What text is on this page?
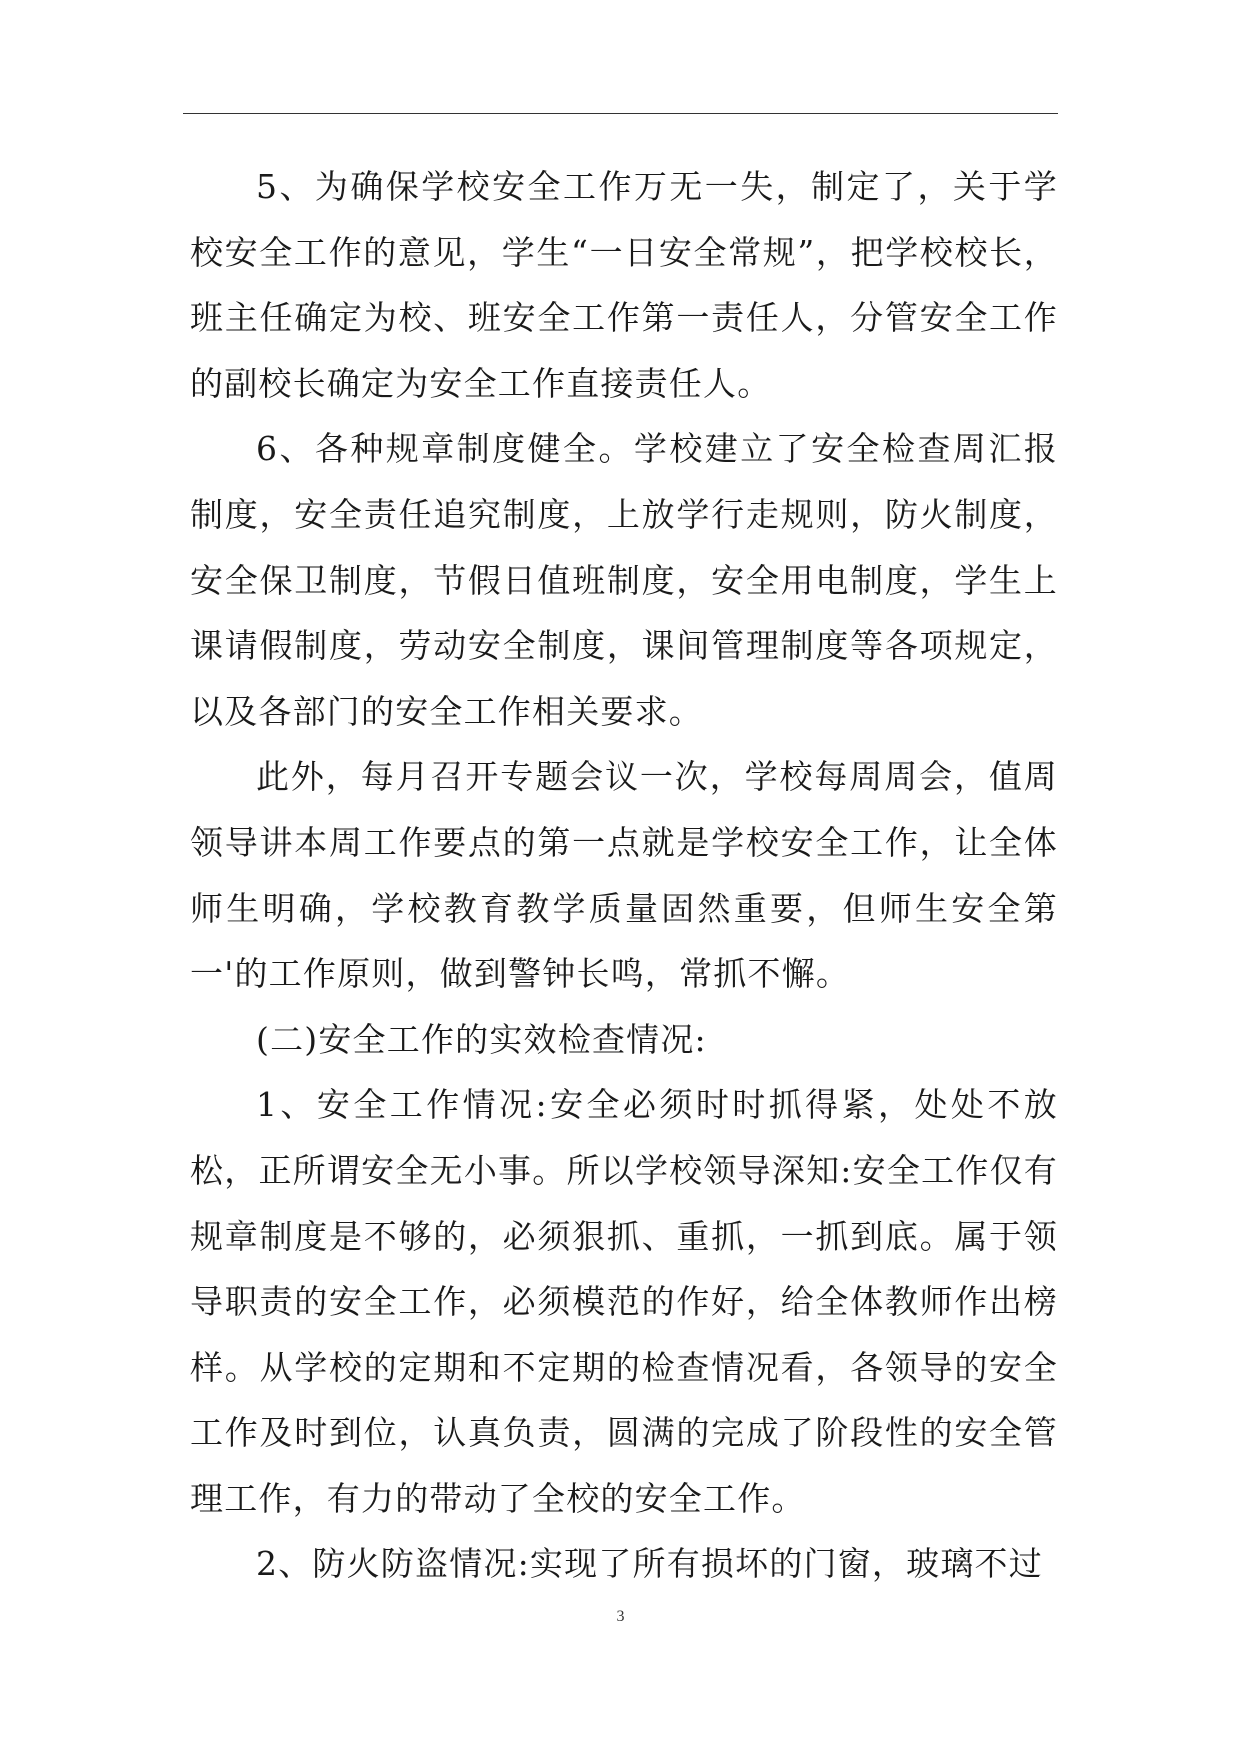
5、为确保学校安全工作万无一失，制定了，关于学校安全工作的意见，学生“一日安全常规”，把学校校长，班主任确定为校、班安全工作第一责任人，分管安全工作的副校长确定为安全工作直接责任人。

6、各种规章制度健全。学校建立了安全检查周汇报制度，安全责任追究制度，上放学行走规则，防火制度，安全保卫制度，节假日值班制度，安全用电制度，学生上课请假制度，劳动安全制度，课间管理制度等各项规定，以及各部门的安全工作相关要求。

此外，每月召开专题会议一次，学校每周周会，值周领导讲本周工作要点的第一点就是学校安全工作，让全体师生明确，学校教育教学质量固然重要，但师生安全第一'的工作原则，做到警钟长鸣，常抓不懈。

(二)安全工作的实效检查情况:

1、安全工作情况:安全必须时时抓得紧，处处不放松，正所谓安全无小事。所以学校领导深知:安全工作仅有规章制度是不够的，必须狠抓、重抓，一抓到底。属于领导职责的安全工作，必须模范的作好，给全体教师作出榜样。从学校的定期和不定期的检查情况看，各领导的安全工作及时到位，认真负责，圆满的完成了阶段性的安全管理工作，有力的带动了全校的安全工作。

2、防火防盗情况:实现了所有损坏的门窗，玻璃不过

3
